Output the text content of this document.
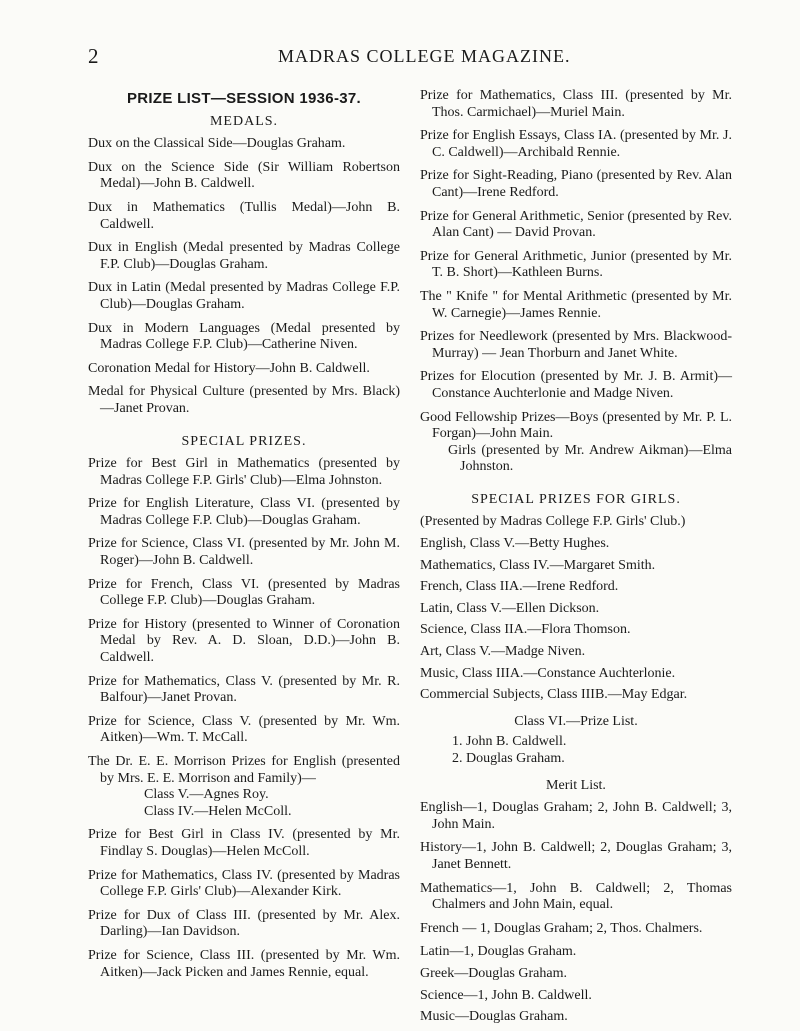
2	MADRAS COLLEGE MAGAZINE.
PRIZE LIST—SESSION 1936-37.
MEDALS.

Dux on the Classical Side—Douglas Graham.

Dux on the Science Side (Sir William Robertson Medal)—John B. Caldwell.

Dux in Mathematics (Tullis Medal)—John B. Caldwell.

Dux in English (Medal presented by Madras College F.P. Club)—Douglas Graham.

Dux in Latin (Medal presented by Madras College F.P. Club)—Douglas Graham.

Dux in Modern Languages (Medal presented by Madras College F.P. Club)—Catherine Niven.

Coronation Medal for History—John B. Caldwell.

Medal for Physical Culture (presented by Mrs. Black)—Janet Provan.

SPECIAL PRIZES.

Prize for Best Girl in Mathematics (presented by Madras College F.P. Girls' Club)—Elma Johnston.

Prize for English Literature, Class VI. (presented by Madras College F.P. Club)—Douglas Graham.

Prize for Science, Class VI. (presented by Mr. John M. Roger)—John B. Caldwell.

Prize for French, Class VI. (presented by Madras College F.P. Club)—Douglas Graham.

Prize for History (presented to Winner of Coronation Medal by Rev. A. D. Sloan, D.D.)—John B. Caldwell.

Prize for Mathematics, Class V. (presented by Mr. R. Balfour)—Janet Provan.

Prize for Science, Class V. (presented by Mr. Wm. Aitken)—Wm. T. McCall.

The Dr. E. E. Morrison Prizes for English (presented by Mrs. E. E. Morrison and Family)—

Class V.—Agnes Roy.

Class IV.—Helen McColl.

Prize for Best Girl in Class IV. (presented by Mr. Findlay S. Douglas)—Helen McColl.

Prize for Mathematics, Class IV. (presented by Madras College F.P. Girls' Club)—Alexander Kirk.

Prize for Dux of Class III. (presented by Mr. Alex. Darling)—Ian Davidson.

Prize for Science, Class III. (presented by Mr. Wm. Aitken)—Jack Picken and James Rennie, equal.

Prize for Mathematics, Class III. (presented by Mr. Thos. Carmichael)—Muriel Main.

Prize for English Essays, Class IA. (presented by Mr. J. C. Caldwell)—Archibald Rennie.

Prize for Sight-Reading, Piano (presented by Rev. Alan Cant)—Irene Redford.

Prize for General Arithmetic, Senior (presented by Rev. Alan Cant) — David Provan.

Prize for General Arithmetic, Junior (presented by Mr. T. B. Short)—Kathleen Burns.

The " Knife " for Mental Arithmetic (presented by Mr. W. Carnegie)—James Rennie.

Prizes for Needlework (presented by Mrs. Blackwood-Murray) — Jean Thorburn and Janet White.

Prizes for Elocution (presented by Mr. J. B. Armit)—Constance Auchterlonie and Madge Niven.

Good Fellowship Prizes—Boys (presented by Mr. P. L. Forgan)—John Main.

Girls (presented by Mr. Andrew Aikman)—Elma Johnston.

SPECIAL PRIZES FOR GIRLS.

(Presented by Madras College F.P. Girls' Club.)

English, Class V.—Betty Hughes.

Mathematics, Class IV.—Margaret Smith.

French, Class IIA.—Irene Redford.

Latin, Class V.—Ellen Dickson.

Science, Class IIA.—Flora Thomson.

Art, Class V.—Madge Niven.

Music, Class IIIA.—Constance Auchterlonie.

Commercial Subjects, Class IIIB.—May Edgar.

Class VI.—Prize List.

1. John B. Caldwell.

2. Douglas Graham.

Merit List.

English—1, Douglas Graham; 2, John B. Caldwell; 3, John Main.

History—1, John B. Caldwell; 2, Douglas Graham; 3, Janet Bennett.

Mathematics—1, John B. Caldwell; 2, Thomas Chalmers and John Main, equal.

French — 1, Douglas Graham; 2, Thos. Chalmers.

Latin—1, Douglas Graham.

Greek—Douglas Graham.

Science—1, John B. Caldwell.

Music—Douglas Graham.
